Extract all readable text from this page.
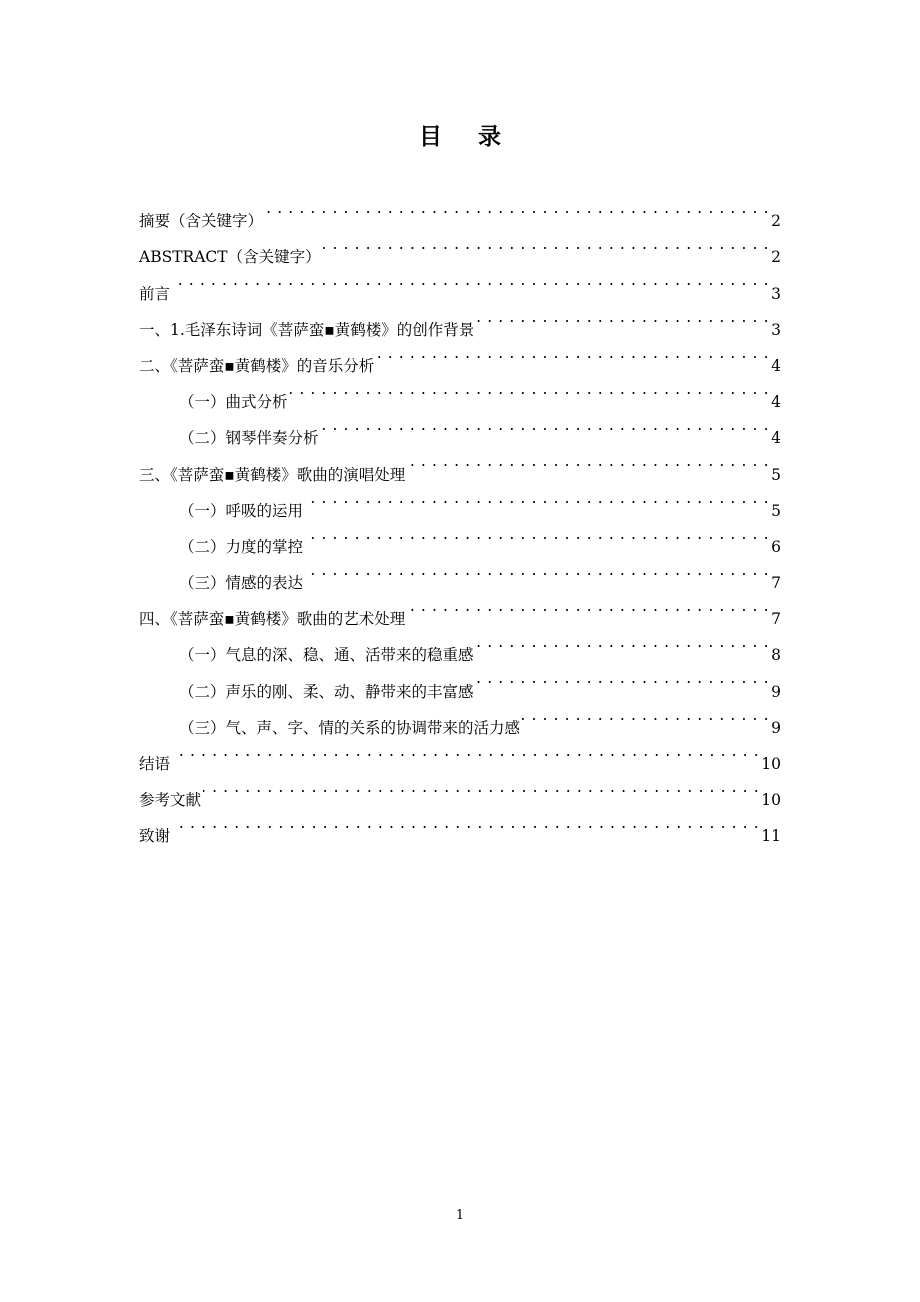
目 录
摘要（含关键字） . . .	2
ABSTRACT（含关键字） . . .	2
前言 . . .	3
一、1.毛泽东诗词《菩萨蛮▪黄鹤楼》的创作背景 . . .	3
二、《菩萨蛮▪黄鹤楼》的音乐分析 . . .	4
（一）曲式分析 . . .	4
（二）钢琴伴奏分析 . . .	4
三、《菩萨蛮▪黄鹤楼》歌曲的演唱处理 . . .	5
（一）呼吸的运用 . . .	5
（二）力度的掌控 . . .	6
（三）情感的表达 . . .	7
四、《菩萨蛮▪黄鹤楼》歌曲的艺术处理 . . .	7
（一）气息的深、稳、通、活带来的稳重感 . . .	8
（二）声乐的刚、柔、动、静带来的丰富感 . . .	9
（三）气、声、字、情的关系的协调带来的活力感 . . .	9
结语 . . .	10
参考文献 . . .	10
致谢 . . .	11
1
